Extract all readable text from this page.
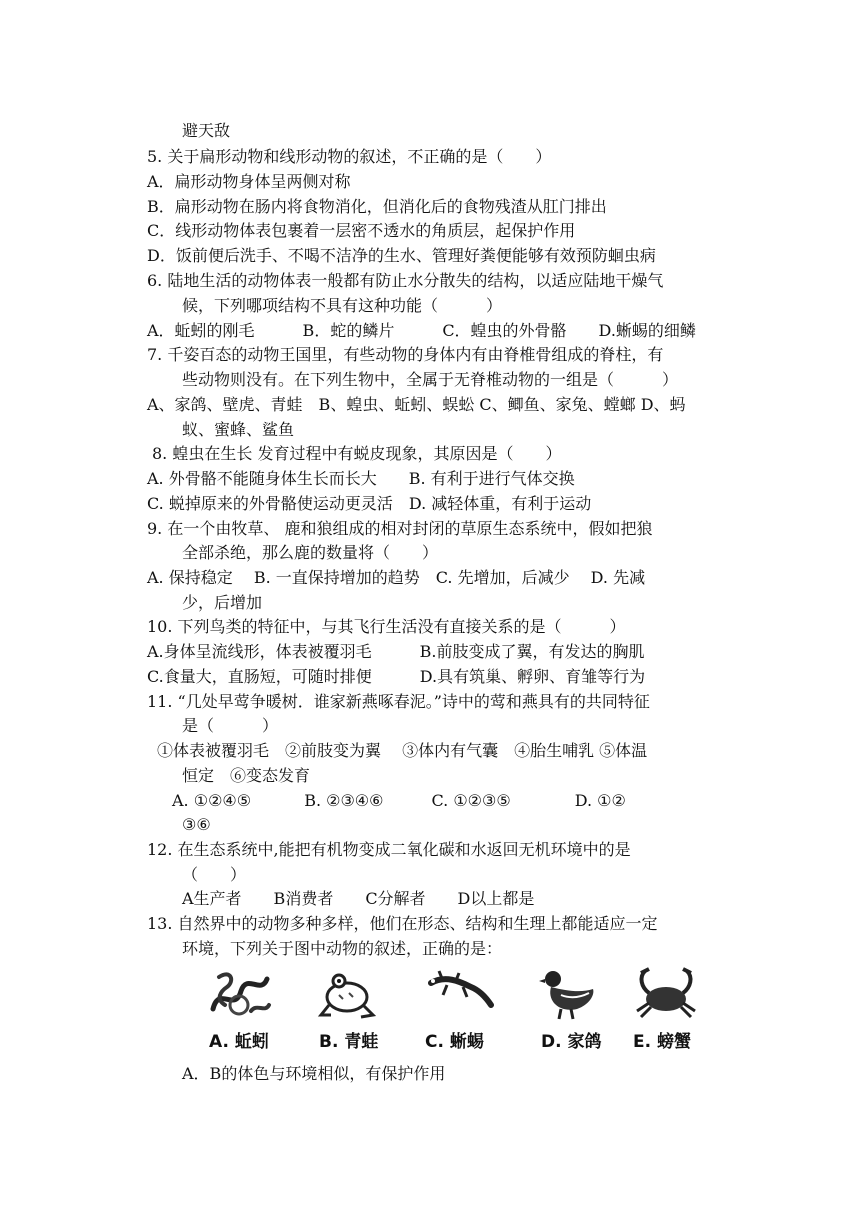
避天敌
5. 关于扁形动物和线形动物的叙述，不正确的是（　　）
A．扁形动物身体呈两侧对称
B．扁形动物在肠内将食物消化，但消化后的食物残渣从肛门排出
C．线形动物体表包裹着一层密不透水的角质层，起保护作用
D．饭前便后洗手、不喝不洁净的生水、管理好粪便能够有效预防蛔虫病
6. 陆地生活的动物体表一般都有防止水分散失的结构，以适应陆地干燥气
候，下列哪项结构不具有这种功能（　　　）
A．蚯蚓的刚毛　　　B．蛇的鳞片　　　C．蝗虫的外骨骼　　D.蜥蜴的细鳞
7. 千姿百态的动物王国里，有些动物的身体内有由脊椎骨组成的脊柱，有
些动物则没有。在下列生物中，全属于无脊椎动物的一组是（　　　）
A、家鸽、壁虎、青蛙　B、蝗虫、蚯蚓、蜈蚣 C、鲫鱼、家兔、螳螂 D、蚂
蚁、蜜蜂、鲨鱼
8. 蝗虫在生长 发育过程中有蜕皮现象，其原因是（　　）
A. 外骨骼不能随身体生长而长大　　B. 有利于进行气体交换
C. 蜕掉原来的外骨骼使运动更灵活　D. 减轻体重，有利于运动
9. 在一个由牧草、 鹿和狼组成的相对封闭的草原生态系统中，假如把狼
全部杀绝，那么鹿的数量将（　　）
A. 保持稳定　 B. 一直保持增加的趋势　C. 先增加，后减少　 D. 先减
少，后增加
10. 下列鸟类的特征中，与其飞行生活没有直接关系的是（　　　）
A.身体呈流线形，体表被覆羽毛　　　B.前肢变成了翼，有发达的胸肌
C.食量大，直肠短，可随时排便　　　D.具有筑巢、孵卵、育雏等行为
11. “几处早莺争暖树．谁家新燕啄春泥。”诗中的莺和燕具有的共同特征
是（　　　）
①体表被覆羽毛　②前肢变为翼　 ③体内有气囊　④胎生哺乳 ⑤体温
恒定　⑥变态发育
A. ①②④⑤　　　 B. ②③④⑥　　　C. ①②③⑤　　　　D. ①②
③⑥
12. 在生态系统中,能把有机物变成二氧化碳和水返回无机环境中的是
（　　）
A生产者　　B消费者　　C分解者　　D以上都是
13. 自然界中的动物多种多样，他们在形态、结构和生理上都能适应一定
环境，下列关于图中动物的叙述，正确的是：
A. 蚯蚓	B. 青蛙	C. 蜥蜴	D. 家鸽 E. 螃蟹
A．B的体色与环境相似，有保护作用
